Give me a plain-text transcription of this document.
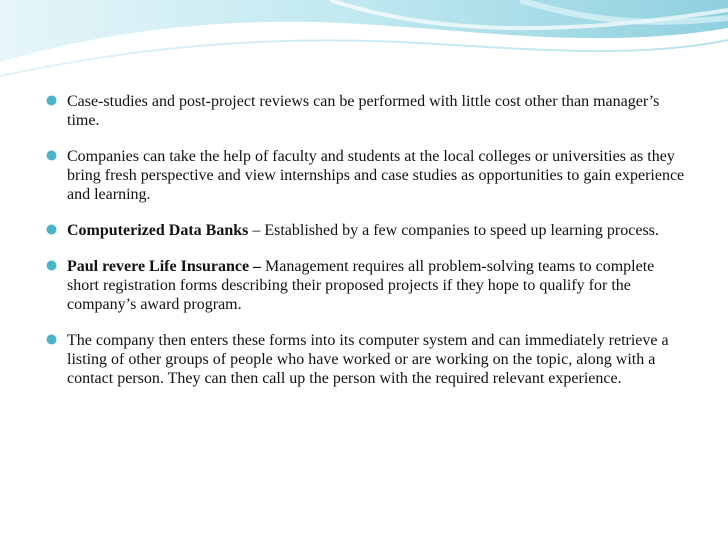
Case-studies and post-project reviews can be performed with little cost other than manager’s time.
Companies can take the help of faculty and students at the local colleges or universities as they bring fresh perspective and view internships and case studies as opportunities to gain experience and learning.
Computerized Data Banks – Established by a few companies to speed up learning process.
Paul revere Life Insurance – Management requires all problem-solving teams to complete short registration forms describing their proposed projects if they hope to qualify for the company’s award program.
The company then enters these forms into its computer system and can immediately retrieve a listing of other groups of people who have worked or are working on the topic, along with a contact person. They can then call up the person with the required relevant experience.
